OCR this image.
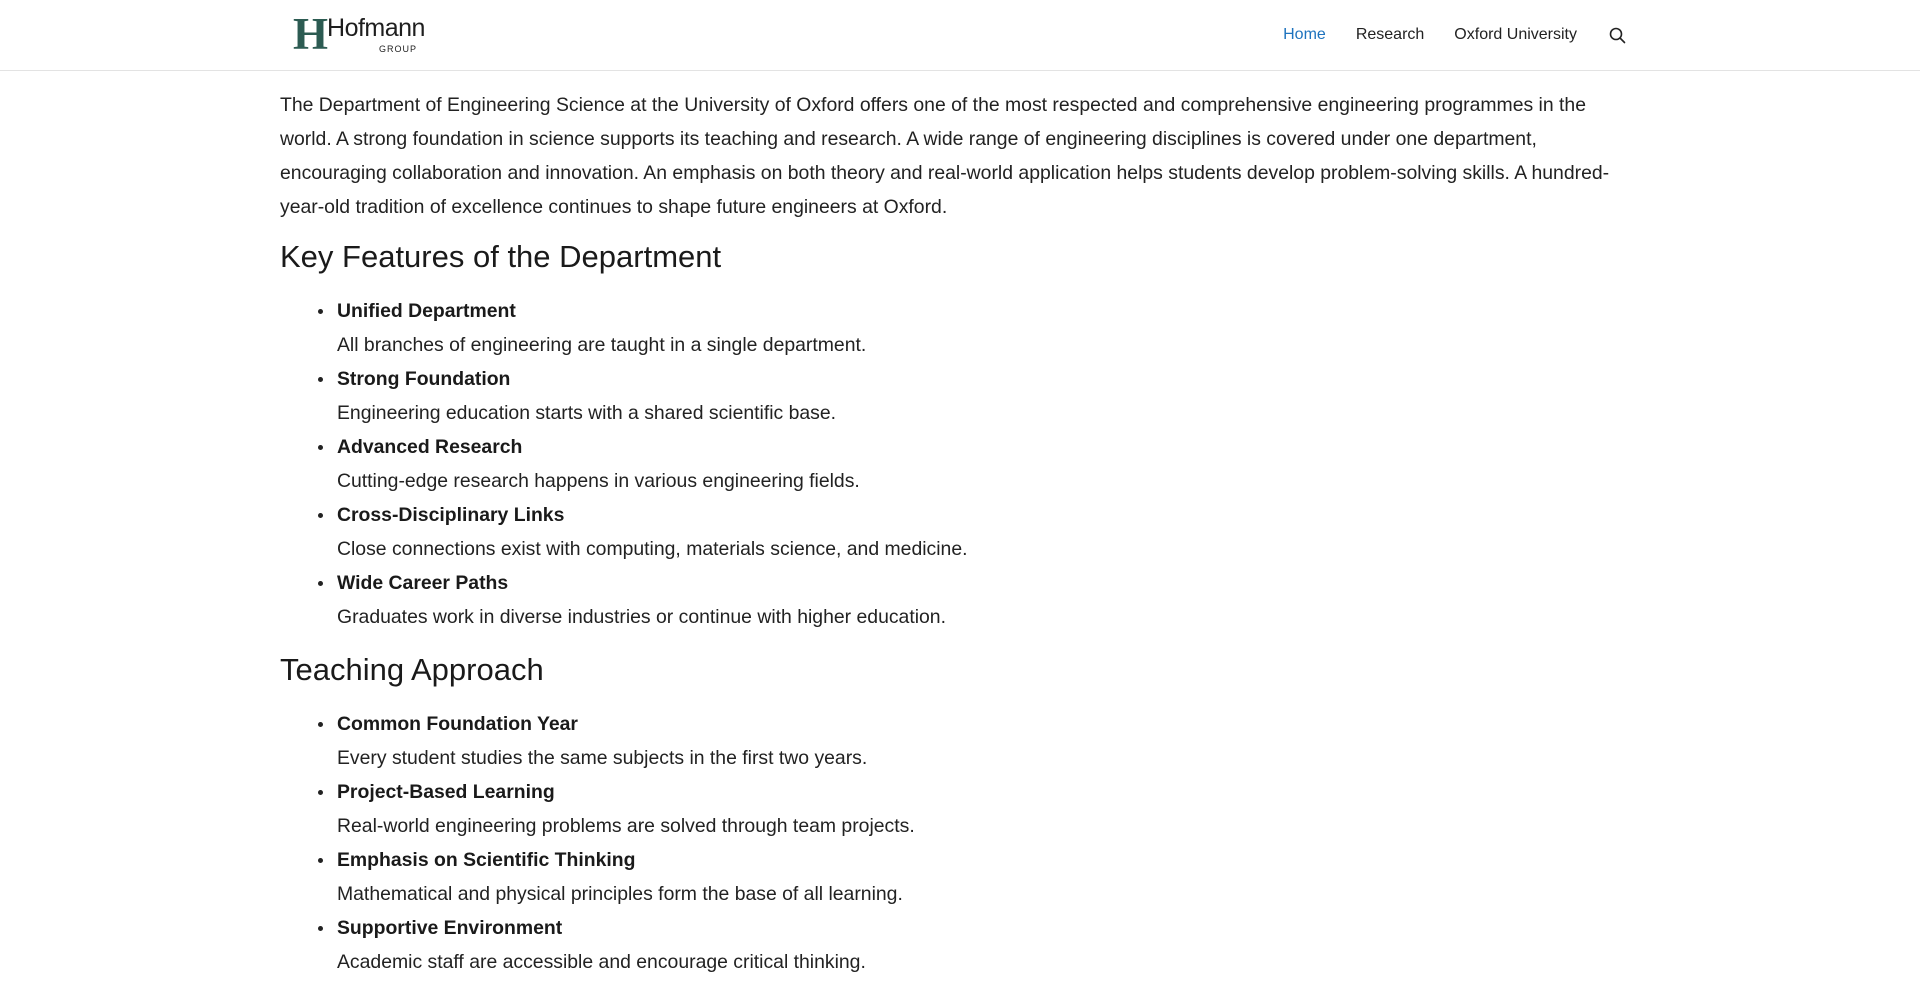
H Hofmann
GROUP
Home Research Oxford University

The Department of Engineering Science at the University of Oxford offers one of the most respected and comprehensive engineering programmes in the world. A strong foundation in science supports its teaching and research. A wide range of engineering disciplines is covered under one department, encouraging collaboration and innovation. An emphasis on both theory and real-world application helps students develop problem-solving skills. A hundred-year-old tradition of excellence continues to shape future engineers at Oxford.

Key Features of the Department
Unified Department
All branches of engineering are taught in a single department.
Strong Foundation
Engineering education starts with a shared scientific base.
Advanced Research
Cutting-edge research happens in various engineering fields.
Cross-Disciplinary Links
Close connections exist with computing, materials science, and medicine.
Wide Career Paths
Graduates work in diverse industries or continue with higher education.
Teaching Approach
Common Foundation Year
Every student studies the same subjects in the first two years.
Project-Based Learning
Real-world engineering problems are solved through team projects.
Emphasis on Scientific Thinking
Mathematical and physical principles form the base of all learning.
Supportive Environment
Academic staff are accessible and encourage critical thinking.
